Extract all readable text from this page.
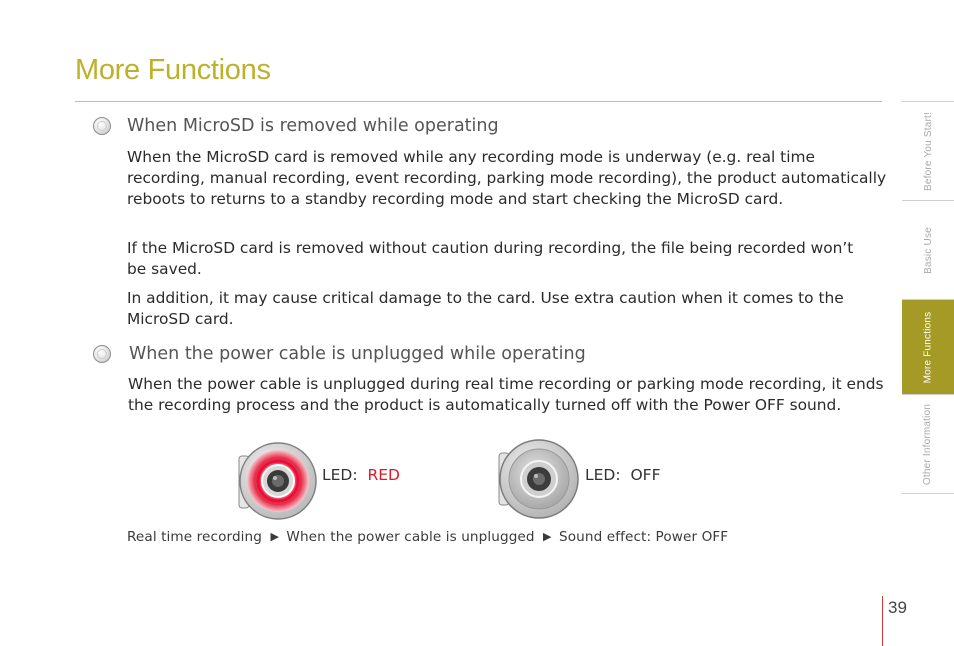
More Functions
When MicroSD is removed while operating

When the MicroSD card is removed while any recording mode is underway (e.g. real time recording, manual recording, event recording, parking mode recording), the product automatically reboots to returns to a standby recording mode and start checking the MicroSD card.

If the MicroSD card is removed without caution during recording, the file being recorded won’t be saved.

In addition, it may cause critical damage to the card. Use extra caution when it comes to the MicroSD card.

When the power cable is unplugged while operating

When the power cable is unplugged during real time recording or parking mode recording, it ends the recording process and the product is automatically turned off with the Power OFF sound.

LED: RED	LED: OFF
Real time recording ▶ When the power cable is unplugged ▶ Sound effect: Power OFF
Before You Start!
Basic Use
More Functions
Other Information
39
